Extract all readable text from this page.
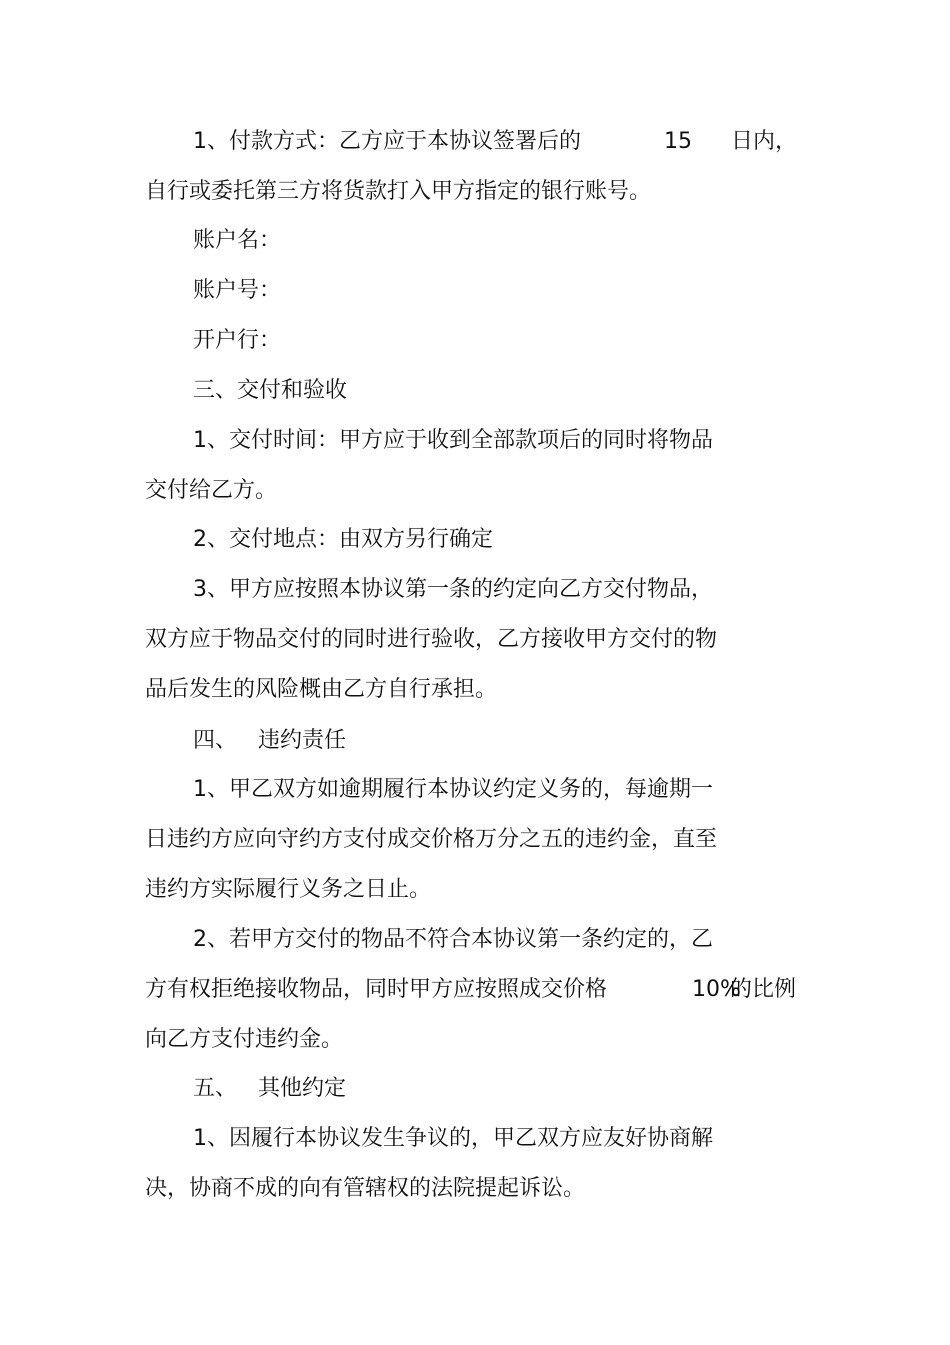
1、付款方式：乙方应于本协议签署后的	15 日内，
自行或委托第三方将货款打入甲方指定的银行账号。
账户名：
账户号：
开户行：
三、交付和验收
1、交付时间：甲方应于收到全部款项后的同时将物品
交付给乙方。
2、交付地点：由双方另行确定
3、甲方应按照本协议第一条的约定向乙方交付物品，
双方应于物品交付的同时进行验收，乙方接收甲方交付的物
品后发生的风险概由乙方自行承担。
四、 违约责任
1、甲乙双方如逾期履行本协议约定义务的，每逾期一
日违约方应向守约方支付成交价格万分之五的违约金，直至
违约方实际履行义务之日止。
2、若甲方交付的物品不符合本协议第一条约定的，乙
方有权拒绝接收物品，同时甲方应按照成交价格	10%
的比例
向乙方支付违约金。
五、 其他约定
1、因履行本协议发生争议的，甲乙双方应友好协商解
决，协商不成的向有管辖权的法院提起诉讼。
